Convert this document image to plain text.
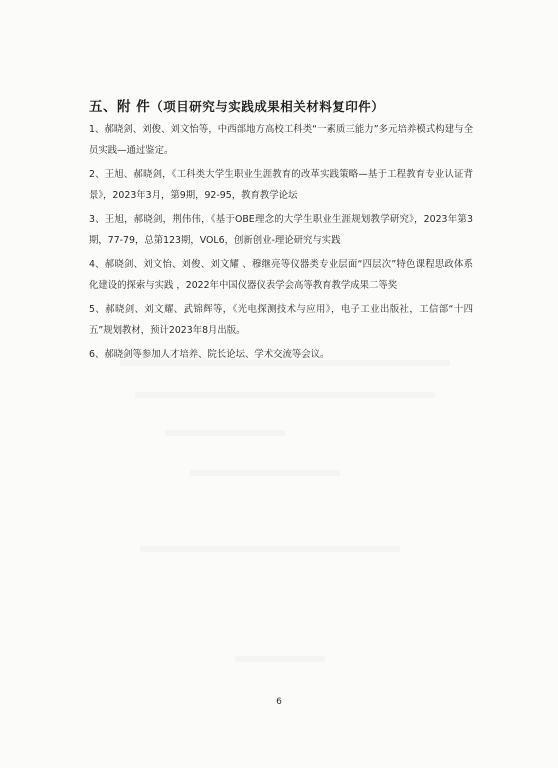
五、附 件（项目研究与实践成果相关材料复印件）

1、郝晓剑、刘俊、刘文怡等，中西部地方高校工科类“一素质三能力”多元培养模式构建与全员实践—通过鉴定。

2、王旭、郝晓剑，《工科类大学生职业生涯教育的改革实践策略—基于工程教育专业认证背景》，2023年3月，第9期，92-95，教育教学论坛

3、王旭，郝晓剑，荆伟伟，《基于OBE理念的大学生职业生涯规划教学研究》，2023年第3期，77-79，总第123期，VOL6，创新创业-理论研究与实践

4、郝晓剑、刘文怡、刘俊、刘文耀 、穆继亮等仪器类专业层面“四层次”特色课程思政体系化建设的探索与实践 ，2022年中国仪器仪表学会高等教育教学成果二等奖

5、郝晓剑、刘文耀、武锦辉等，《光电探测技术与应用》，电子工业出版社，工信部“十四五”规划教材，预计2023年8月出版。

6、郝晓剑等参加人才培养、院长论坛、学术交流等会议。

6
